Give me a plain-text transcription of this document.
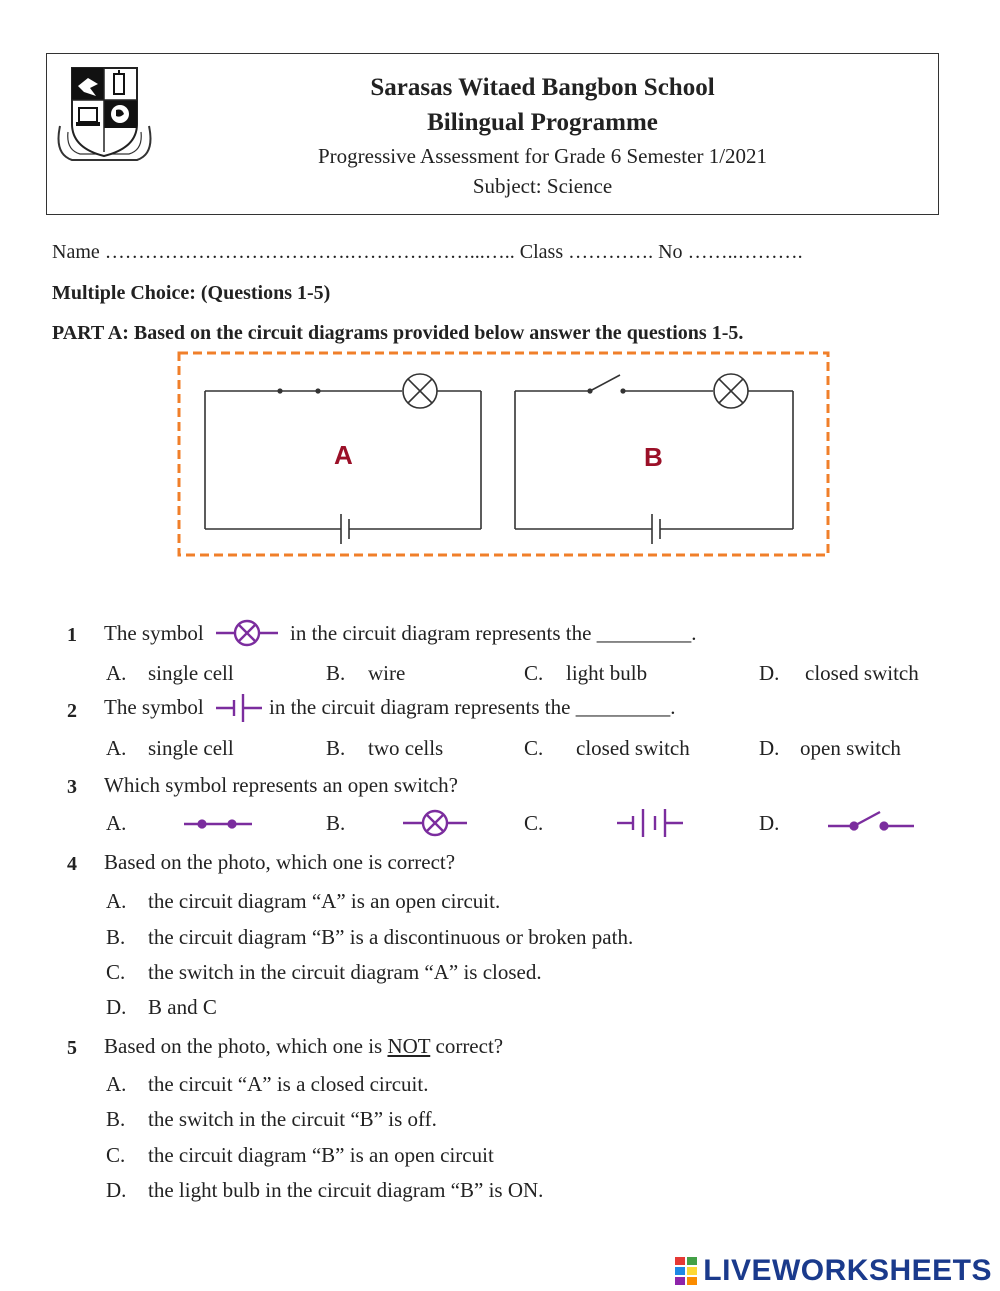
Sarasas Witaed Bangbon School
Bilingual Programme
Progressive Assessment for Grade 6 Semester 1/2021
Subject: Science
Name ……………………………….………………...….. Class …………. No ……..……….
Multiple Choice: (Questions 1-5)
PART A: Based on the circuit diagrams provided below answer the questions 1-5.
A	B
1 The symbol	in the circuit diagram represents the _________.
A. single cell	B. wire	C. light bulb	D. closed switch
2 The symbol	in the circuit diagram represents the _________.
A. single cell	B. two cells	C. closed switch	D. open switch
3 Which symbol represents an open switch?
A.	B.	C.	D.
4 Based on the photo, which one is correct?
A. the circuit diagram “A” is an open circuit.
B. the circuit diagram “B” is a discontinuous or broken path.
C. the switch in the circuit diagram “A” is closed.
D. B and C
5 Based on the photo, which one is NOT correct?
A. the circuit “A” is a closed circuit.
B. the switch in the circuit “B” is off.
C. the circuit diagram “B” is an open circuit
D. the light bulb in the circuit diagram “B” is ON.
LIVEWORKSHEETS
